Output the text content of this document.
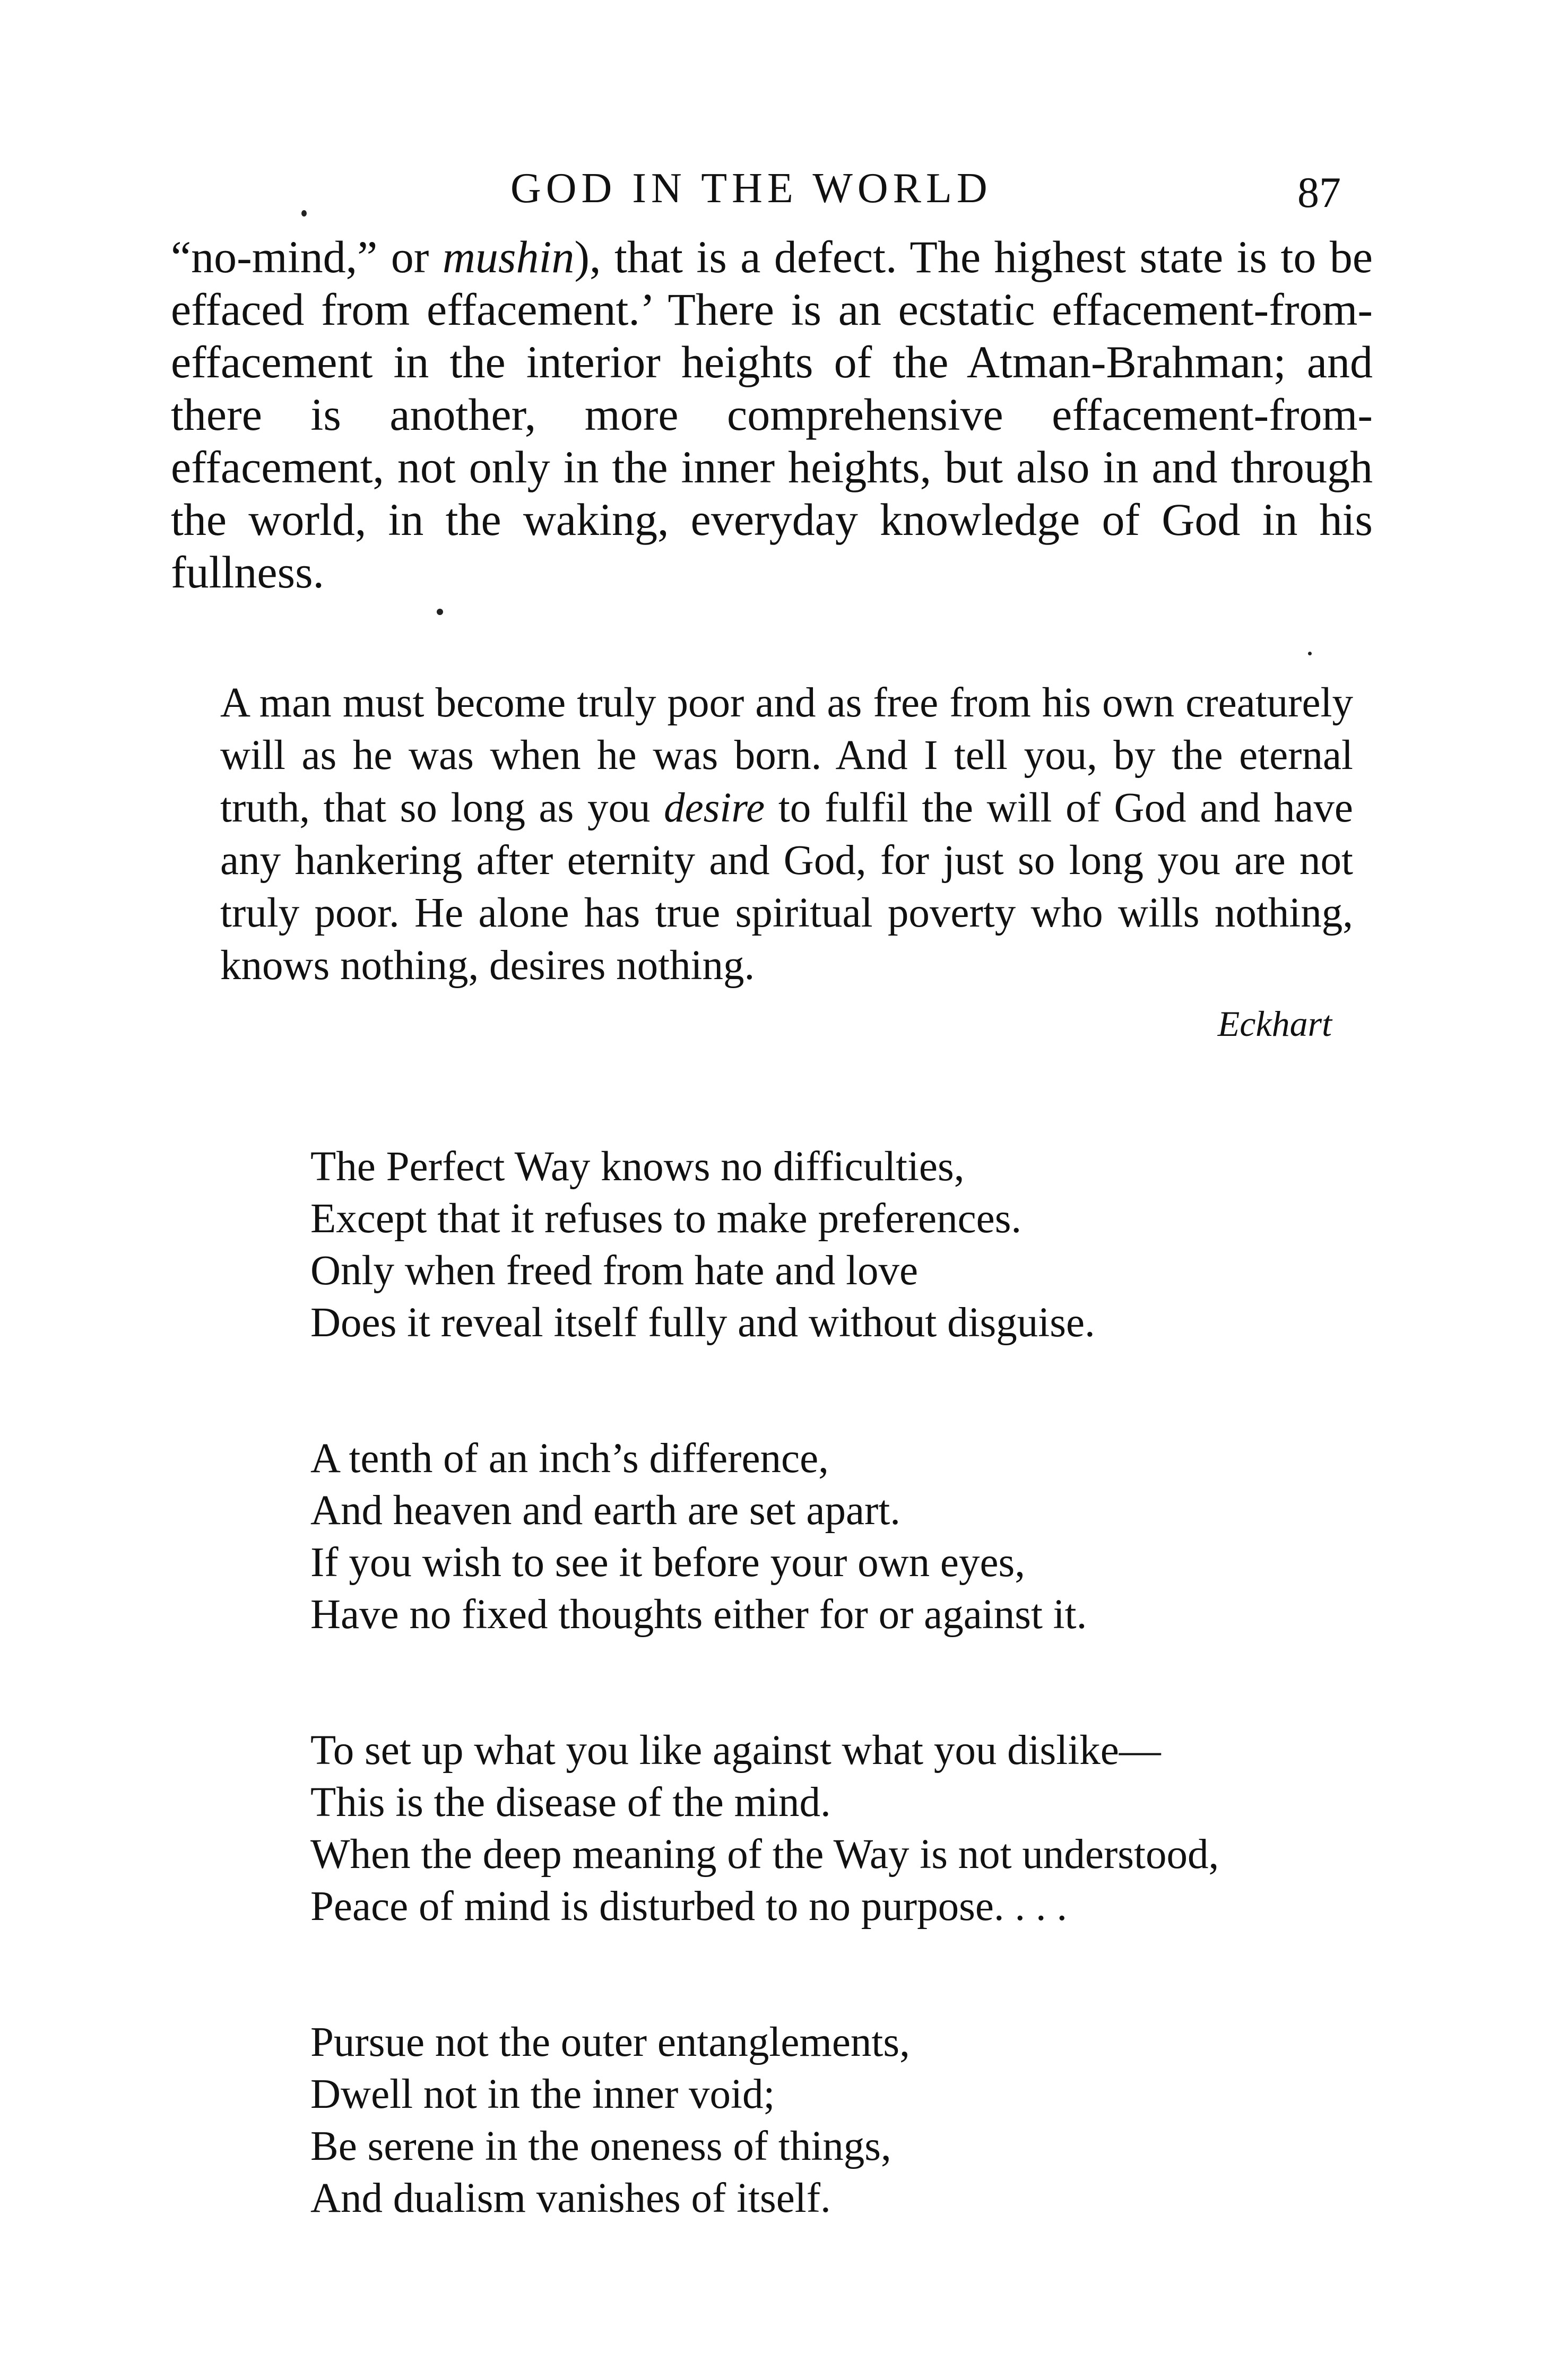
GOD IN THE WORLD	87

“no-mind,” or mushin), that is a defect. The highest state is to be effaced from effacement.’ There is an ecstatic effacement-from-effacement in the interior heights of the Atman-Brahman; and there is another, more comprehensive effacement-from-effacement, not only in the inner heights, but also in and through the world, in the waking, everyday knowledge of God in his fullness.

A man must become truly poor and as free from his own creaturely will as he was when he was born. And I tell you, by the eternal truth, that so long as you desire to fulfil the will of God and have any hankering after eternity and God, for just so long you are not truly poor. He alone has true spiritual poverty who wills nothing, knows nothing, desires nothing.

Eckhart
The Perfect Way knows no difficulties,
Except that it refuses to make preferences.
Only when freed from hate and love
Does it reveal itself fully and without disguise.
A tenth of an inch’s difference,
And heaven and earth are set apart.
If you wish to see it before your own eyes,
Have no fixed thoughts either for or against it.
To set up what you like against what you dislike—
This is the disease of the mind.
When the deep meaning of the Way is not understood,
Peace of mind is disturbed to no purpose. . . .
Pursue not the outer entanglements,
Dwell not in the inner void;
Be serene in the oneness of things,
And dualism vanishes of itself.
